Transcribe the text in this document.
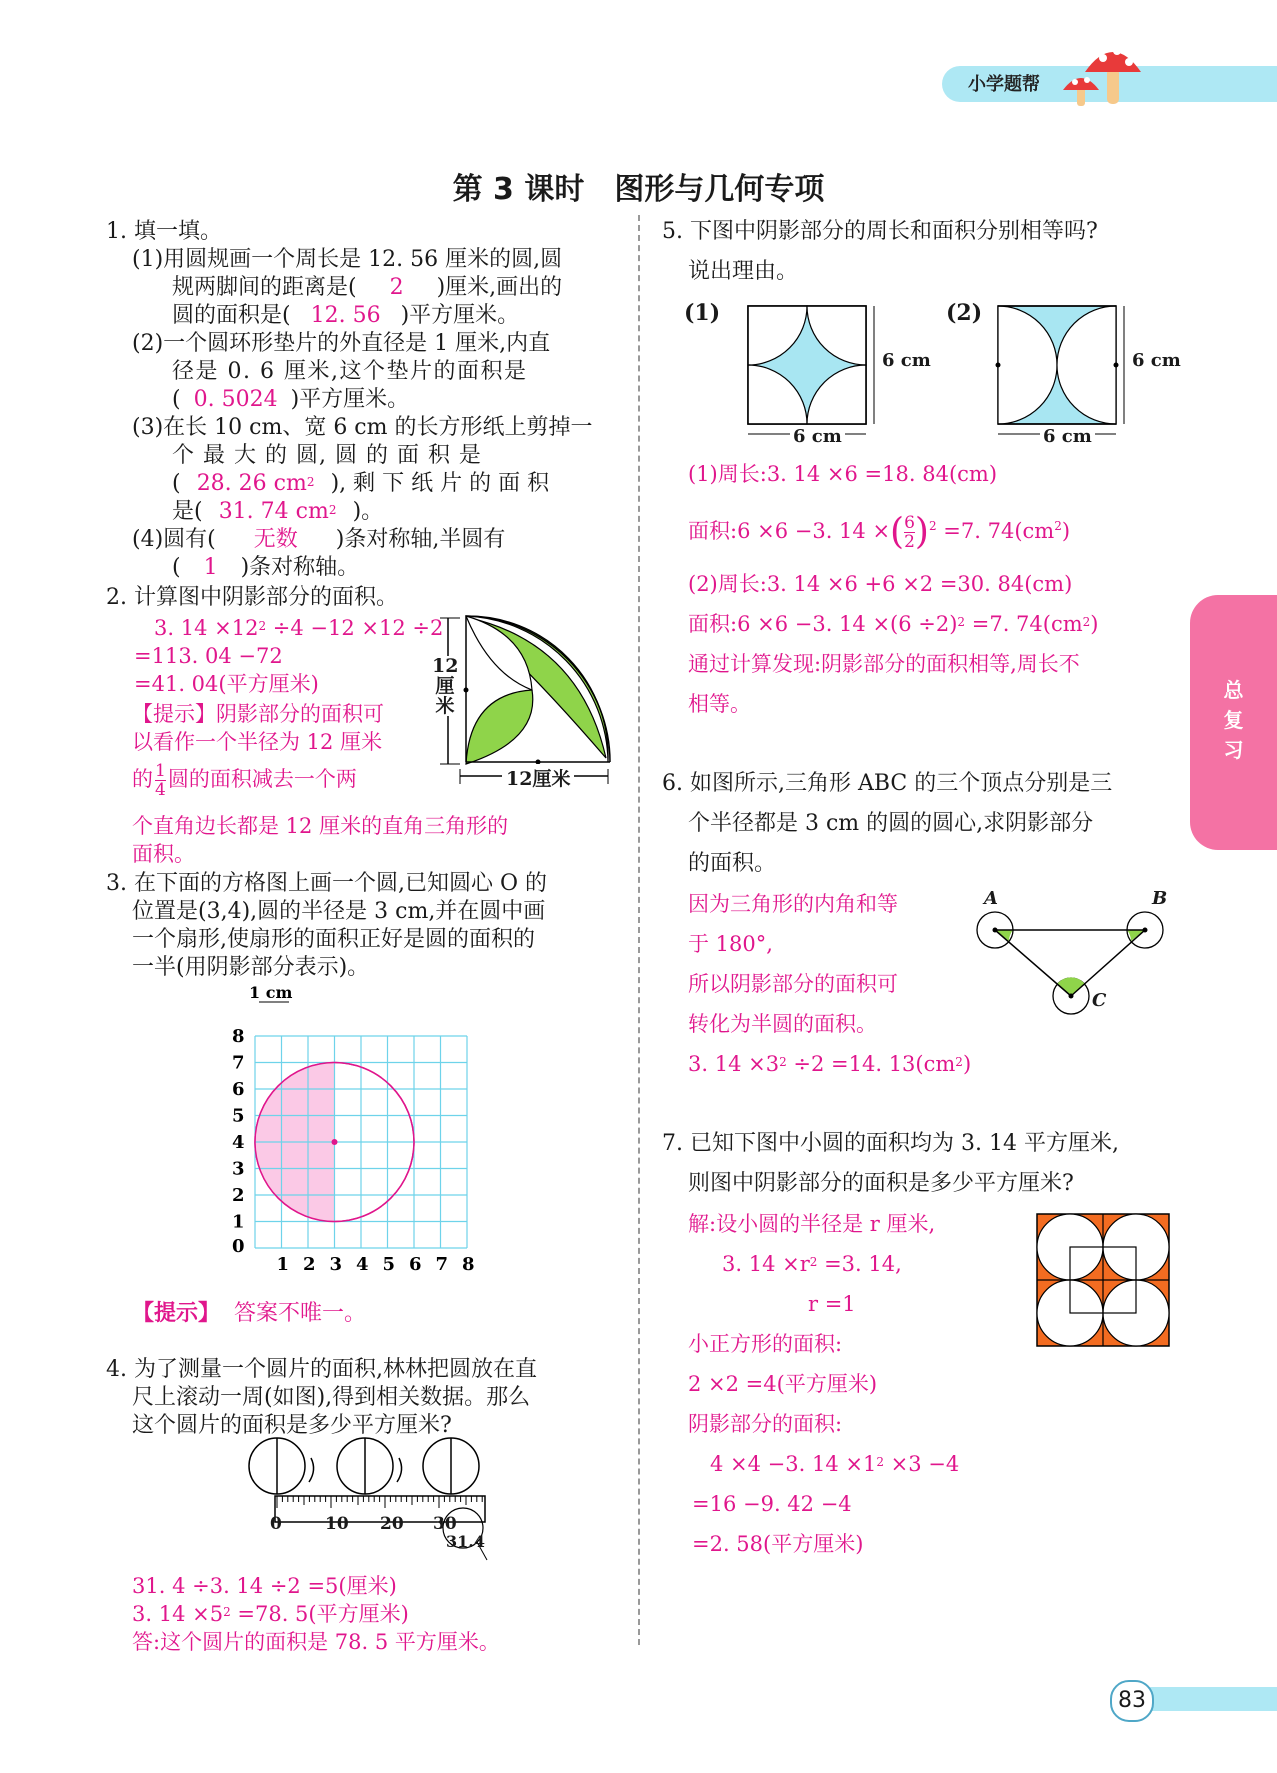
小学题帮
第 3 课时　图形与几何专项
总
复
习
1. 填一填。
(1)用圆规画一个周长是 12. 56 厘米的圆,圆
规两脚间的距离是( 2 )厘米,画出的
圆的面积是( 12. 56 )平方厘米。
(2)一个圆环形垫片的外直径是 1 厘米,内直
径是 0. 6 厘米,这个垫片的面积是
( 0. 5024 )平方厘米。
(3)在长 10 cm、宽 6 cm 的长方形纸上剪掉一
个 最 大 的 圆, 圆 的 面 积 是
( 28. 26 $cm^2$ ), 剩 下 纸 片 的 面 积
是( 31. 74 $cm^2$ )。
(4)圆有( 无数 )条对称轴,半圆有
( 1 )条对称轴。
2. 计算图中阴影部分的面积。
3. $14 \times 12^2 \div 4 -12 \times 12 \div 2$
=113. 04 −72
=41. 04(平方厘米)
【提示】阴影部分的面积可
以看作一个半径为 12 厘米
的 $\frac{1}{4}$ 圆的面积减去一个两
个直角边长都是 12 厘米的直角三角形的
面积。
12厘米
12厘米
3. 在下面的方格图上画一个圆,已知圆心 O 的
位置是(3,4),圆的半径是 3 cm,并在圆中画
一个扇形,使扇形的面积正好是圆的面积的
一半(用阴影部分表示)。
1 cm
1 2 3 4 5 6 7 8
0
1
2
3
4
5
6
7
8
【提示】 答案不唯一。
4. 为了测量一个圆片的面积,林林把圆放在直
尺上滚动一周(如图),得到相关数据。那么
这个圆片的面积是多少平方厘米?
0	10 20 30
31.4
31. 4 ÷3. 14 ÷2 =5(厘米)
3. $14 \times 5^2 =78$. 5(平方厘米)
答:这个圆片的面积是 78. 5 平方厘米。
5. 下图中阴影部分的周长和面积分别相等吗?
说出理由。
(1)	(2)
6 cm
6 cm
6 cm
6 cm
(1)周长:3. 14 ×6 =18. 84(cm)
面积:6 ×6 −3. 14 ×( $\frac{6}{2} )^2 =7$. $74(cm^2)$
(2)周长:3. 14 ×6 +6 ×2 =30. 84(cm)
面积:6 ×6 −3. $14 \times(6 \div 2)^2 =7$. $74(cm^2)$
通过计算发现:阴影部分的面积相等,周长不
相等。
6. 如图所示,三角形 ABC 的三个顶点分别是三
个半径都是 3 cm 的圆的圆心,求阴影部分
的面积。
因为三角形的内角和等
于 180°,
所以阴影部分的面积可
转化为半圆的面积。
3. $14 \times 3^2 \div 2 =14$. $13(cm^2)$
A	B
C
7. 已知下图中小圆的面积均为 3. 14 平方厘米,
则图中阴影部分的面积是多少平方厘米?
解:设小圆的半径是 r 厘米,
3. $14 \times r^2 =3$. 14,
r =1
小正方形的面积:
2 ×2 =4(平方厘米)
阴影部分的面积:
4 ×4 −3. $14 \times 1^2 \times 3 -4$
=16 −9. 42 −4
=2. 58(平方厘米)
83
